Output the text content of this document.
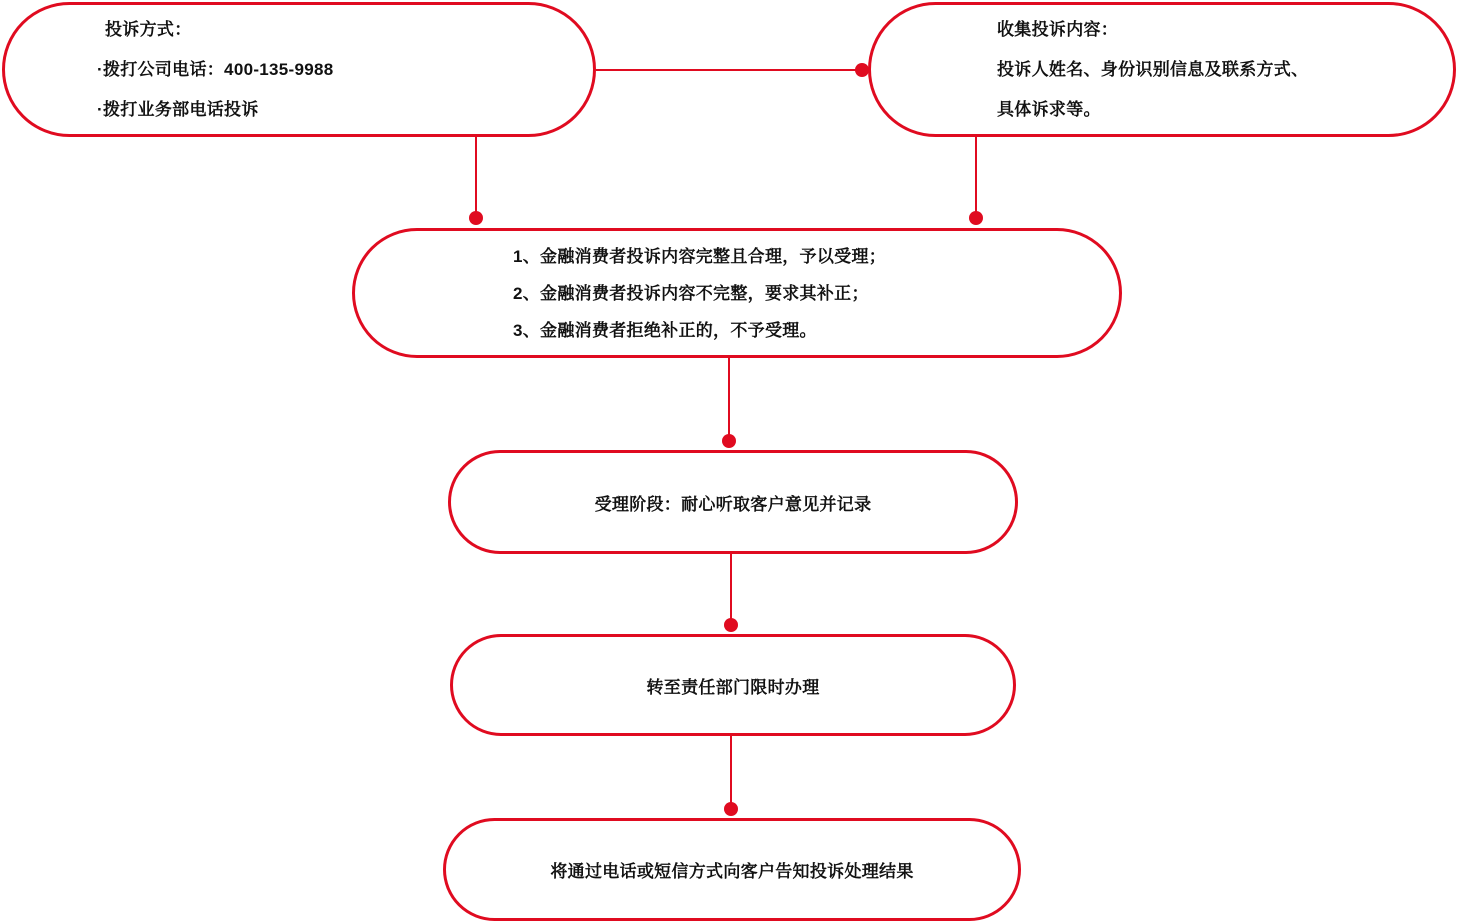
投诉方式：
·拨打公司电话：400-135-9988
·拨打业务部电话投诉
收集投诉内容：
投诉人姓名、身份识别信息及联系方式、
具体诉求等。
1、金融消费者投诉内容完整且合理，予以受理；
2、金融消费者投诉内容不完整，要求其补正；
3、金融消费者拒绝补正的，不予受理。
受理阶段：耐心听取客户意见并记录
转至责任部门限时办理
将通过电话或短信方式向客户告知投诉处理结果
